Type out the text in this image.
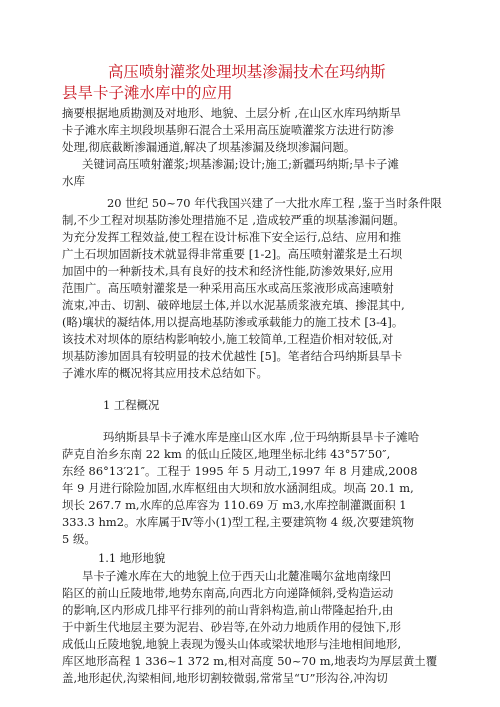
高压喷射灌浆处理坝基渗漏技术在玛纳斯
县旱卡子滩水库中的应用

摘要根据地质勘测及对地形、地貌、土层分析 ,在山区水库玛纳斯旱

卡子滩水库主坝段坝基卵石混合土采用高压旋喷灌浆方法进行防渗

处理,彻底截断渗漏通道,解决了坝基渗漏及绕坝渗漏问题。

关键词高压喷射灌浆;坝基渗漏;设计;施工;新疆玛纳斯;旱卡子滩

水库

20 世纪 50~70 年代我国兴建了一大批水库工程 ,鉴于当时条件限

制,不少工程对坝基防渗处理措施不足 ,造成较严重的坝基渗漏问题。

为充分发挥工程效益,使工程在设计标准下安全运行,总结、应用和推

广土石坝加固新技术就显得非常重要 [1-2]。高压喷射灌浆是土石坝

加固中的一种新技术,具有良好的技术和经济性能,防渗效果好,应用

范围广。高压喷射灌浆是一种采用高压水或高压浆液形成高速喷射

流束,冲击、切割、破碎地层土体,并以水泥基质浆液充填、掺混其中,

(略)壤状的凝结体,用以提高地基防渗或承载能力的施工技术 [3-4]。

该技术对坝体的原结构影响较小,施工较简单,工程造价相对较低,对

坝基防渗加固具有较明显的技术优越性 [5]。笔者结合玛纳斯县旱卡

子滩水库的概况将其应用技术总结如下。

1 工程概况

玛纳斯县旱卡子滩水库是座山区水库 ,位于玛纳斯县旱卡子滩哈

萨克自治乡东南 22 km 的低山丘陵区,地理坐标北纬 43°57′50″,

东经 86°13′21″。工程于 1995 年 5 月动工,1997 年 8 月建成,2008

年 9 月进行除险加固,水库枢纽由大坝和放水涵洞组成。坝高 20.1 m,

坝长 267.7 m,水库的总库容为 110.69 万 m3,水库控制灌溉面积 1

333.3 hm2。水库属于Ⅳ等小(1)型工程,主要建筑物 4 级,次要建筑物

5 级。

1.1 地形地貌

旱卡子滩水库在大的地貌上位于西天山北麓准噶尔盆地南缘凹

陷区的前山丘陵地带,地势东南高,向西北方向递降倾斜,受构造运动

的影响,区内形成几排平行排列的前山背斜构造,前山带隆起抬升,由

于中新生代地层主要为泥岩、砂岩等,在外动力地质作用的侵蚀下,形

成低山丘陵地貌,地貌上表现为馒头山体或梁状地形与洼地相间地形,

库区地形高程 1 336~1 372 m,相对高度 50~70 m,地表均为厚层黄土覆

盖,地形起伏,沟梁相间,地形切割较微弱,常常呈“U”形沟谷,冲沟切
